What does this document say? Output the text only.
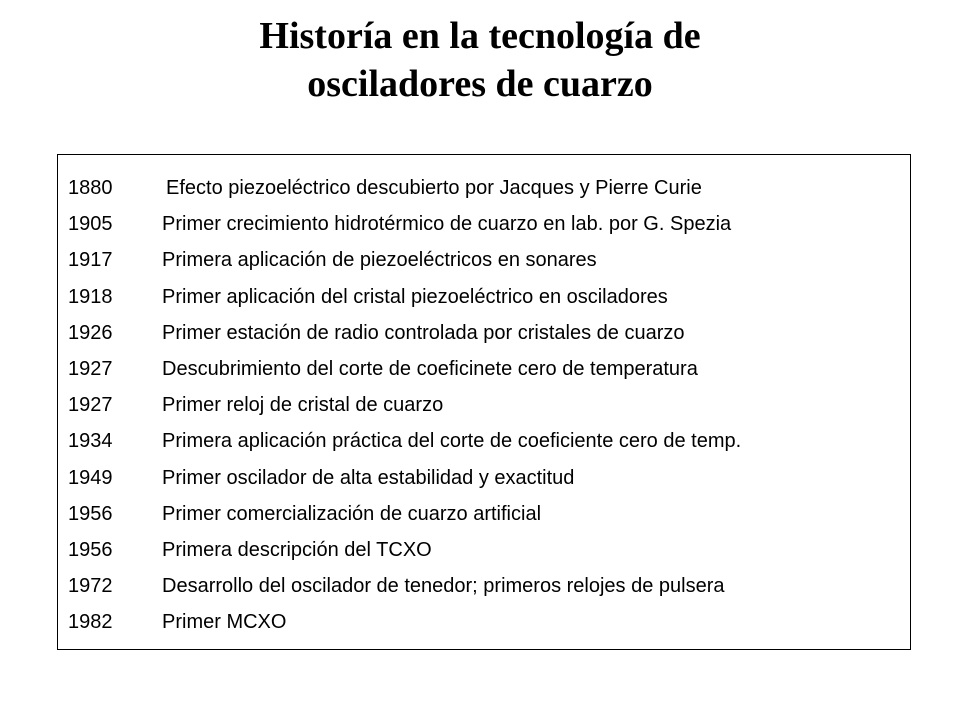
Historía en la tecnología de
osciladores de cuarzo
1880	Efecto piezoeléctrico descubierto por Jacques y Pierre Curie
1905 Primer crecimiento hidrotérmico de cuarzo en lab. por G. Spezia
1917 Primera aplicación de piezoeléctricos en sonares
1918 Primer aplicación del cristal piezoeléctrico en osciladores
1926 Primer estación de radio controlada por cristales de cuarzo
1927 Descubrimiento del corte de coeficinete cero de temperatura
1927 Primer reloj de cristal de cuarzo
1934 Primera aplicación práctica del corte de coeficiente cero de temp.
1949 Primer oscilador de alta estabilidad y exactitud
1956 Primer comercialización de cuarzo artificial
1956 Primera descripción del TCXO
1972 Desarrollo del oscilador de tenedor; primeros relojes de pulsera
1982 Primer MCXO
